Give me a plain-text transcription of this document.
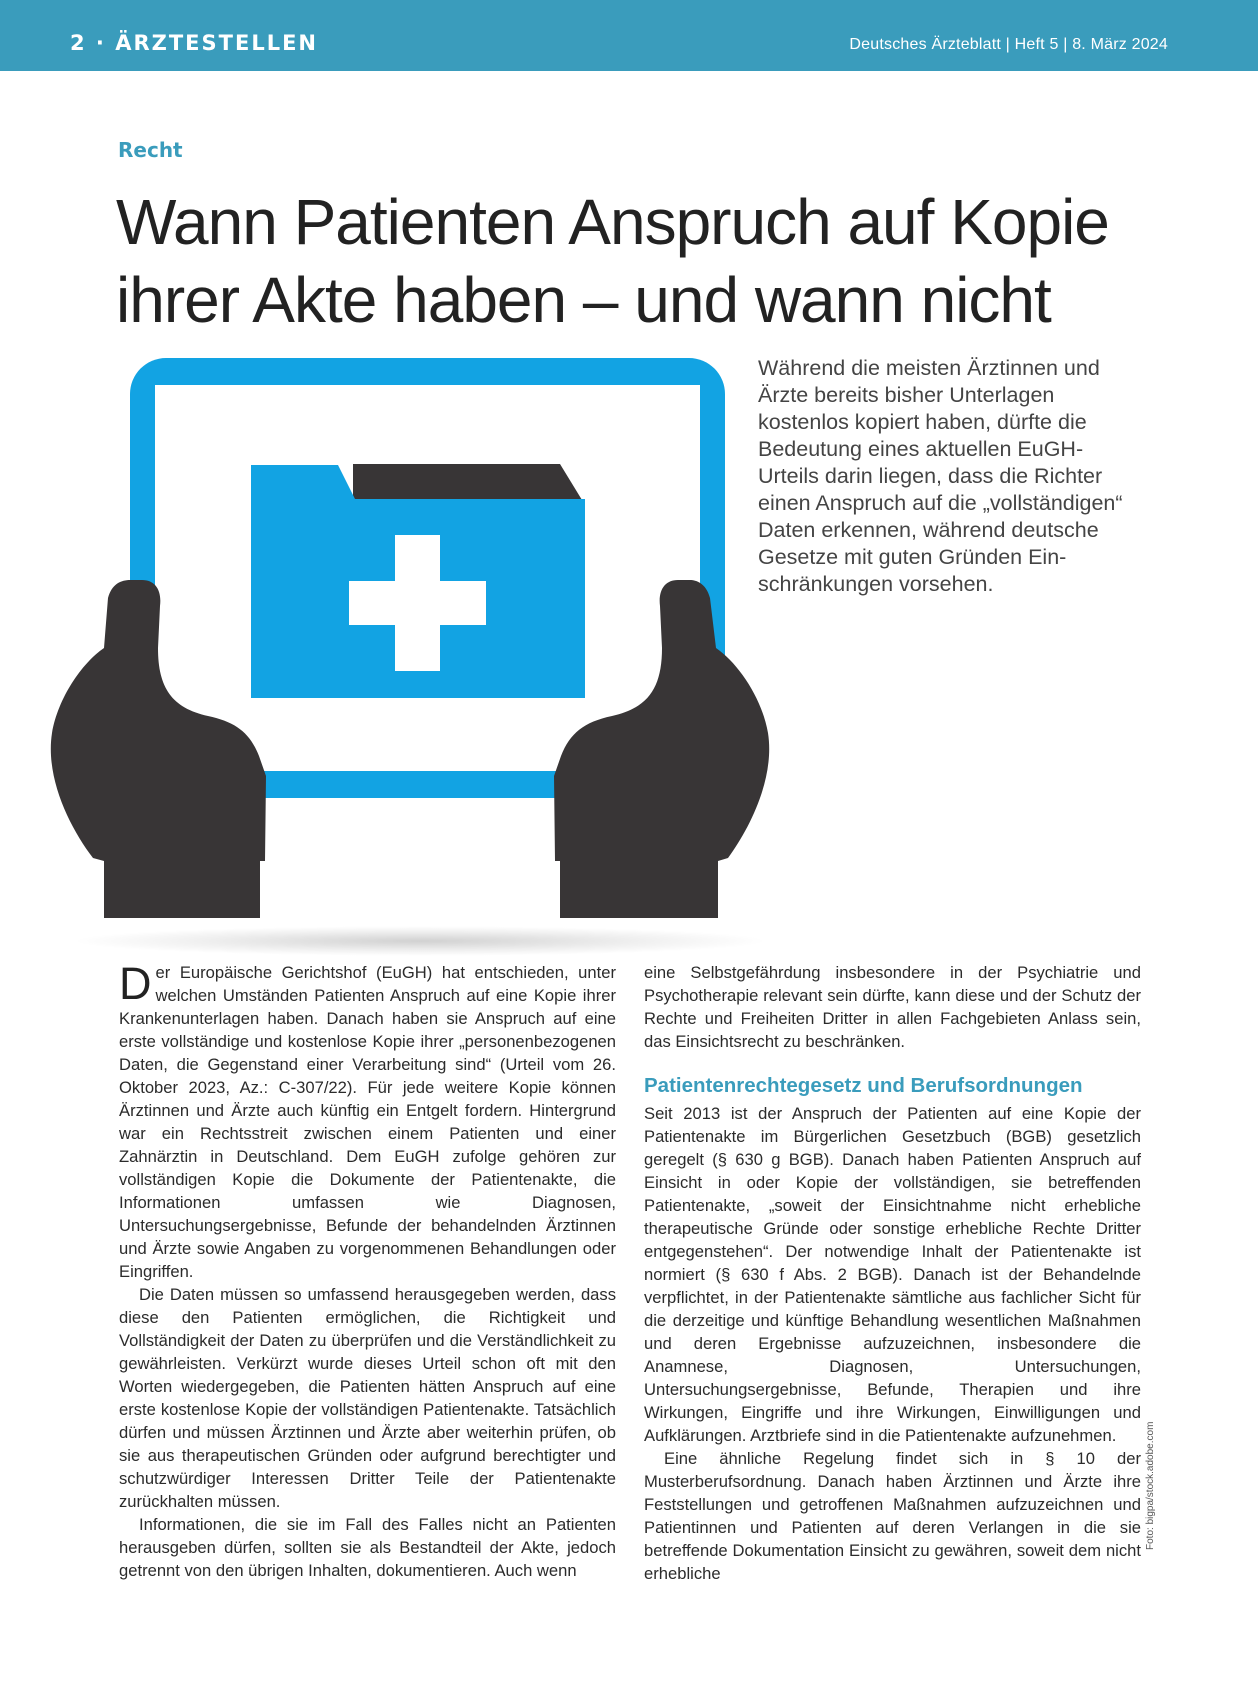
2 · ÄRZTESTELLEN	Deutsches Ärzteblatt | Heft 5 | 8. März 2024
Recht
Wann Patienten Anspruch auf Kopie
ihrer Akte haben – und wann nicht
Während die meisten Ärztinnen und
Ärzte bereits bisher Unterlagen
kostenlos kopiert haben, dürfte die
Bedeutung eines aktuellen EuGH-
Urteils darin liegen, dass die Richter
einen Anspruch auf die „vollständigen“
Daten erkennen, während deutsche
Gesetze mit guten Gründen Ein-
schränkungen vorsehen.

Der Europäische Gerichtshof (EuGH) hat entschieden, unter welchen Umständen Patienten Anspruch auf eine Kopie ihrer Krankenunterlagen haben. Danach haben sie Anspruch auf eine erste vollständige und kostenlose Kopie ihrer „personenbezogenen Daten, die Gegenstand einer Verarbeitung sind“ (Urteil vom 26. Oktober 2023, Az.: C-307/22). Für jede weitere Kopie können Ärztinnen und Ärzte auch künftig ein Entgelt fordern. Hintergrund war ein Rechtsstreit zwischen einem Patienten und einer Zahnärztin in Deutschland. Dem EuGH zufolge gehören zur vollständigen Kopie die Dokumente der Patientenakte, die Informationen umfassen wie Diagnosen, Untersuchungsergebnisse, Befunde der behandelnden Ärztinnen und Ärzte sowie Angaben zu vorgenommenen Behandlungen oder Eingriffen.

Die Daten müssen so umfassend herausgegeben werden, dass diese den Patienten ermöglichen, die Richtigkeit und Vollständigkeit der Daten zu überprüfen und die Verständlichkeit zu gewährleisten. Verkürzt wurde dieses Urteil schon oft mit den Worten wiedergegeben, die Patienten hätten Anspruch auf eine erste kostenlose Kopie der vollständigen Patientenakte. Tatsächlich dürfen und müssen Ärztinnen und Ärzte aber weiterhin prüfen, ob sie aus therapeutischen Gründen oder aufgrund berechtigter und schutzwürdiger Interessen Dritter Teile der Patientenakte zurückhalten müssen.

Informationen, die sie im Fall des Falles nicht an Patienten herausgeben dürfen, sollten sie als Bestandteil der Akte, jedoch getrennt von den übrigen Inhalten, dokumentieren. Auch wenn

eine Selbstgefährdung insbesondere in der Psychiatrie und Psychotherapie relevant sein dürfte, kann diese und der Schutz der Rechte und Freiheiten Dritter in allen Fachgebieten Anlass sein, das Einsichtsrecht zu beschränken.

Patientenrechtegesetz und Berufsordnungen

Seit 2013 ist der Anspruch der Patienten auf eine Kopie der Patientenakte im Bürgerlichen Gesetzbuch (BGB) gesetzlich geregelt (§ 630 g BGB). Danach haben Patienten Anspruch auf Einsicht in oder Kopie der vollständigen, sie betreffenden Patientenakte, „soweit der Einsichtnahme nicht erhebliche therapeutische Gründe oder sonstige erhebliche Rechte Dritter entgegenstehen“. Der notwendige Inhalt der Patientenakte ist normiert (§ 630 f Abs. 2 BGB). Danach ist der Behandelnde verpflichtet, in der Patientenakte sämtliche aus fachlicher Sicht für die derzeitige und künftige Behandlung wesentlichen Maßnahmen und deren Ergebnisse aufzuzeichnen, insbesondere die Anamnese, Diagnosen, Untersuchungen, Untersuchungsergebnisse, Befunde, Therapien und ihre Wirkungen, Eingriffe und ihre Wirkungen, Einwilligungen und Aufklärungen. Arztbriefe sind in die Patientenakte aufzunehmen.

Eine ähnliche Regelung findet sich in § 10 der Musterberufsordnung. Danach haben Ärztinnen und Ärzte ihre Feststellungen und getroffenen Maßnahmen aufzuzeichnen und Patientinnen und Patienten auf deren Verlangen in die sie betreffende Dokumentation Einsicht zu gewähren, soweit dem nicht erhebliche

Foto: bigpa/stock.adobe.com
